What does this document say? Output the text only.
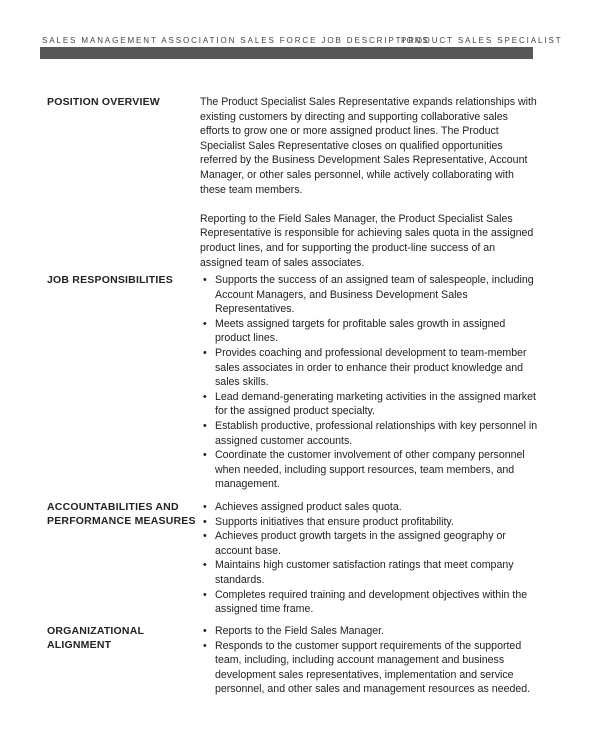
SALES MANAGEMENT ASSOCIATION SALES FORCE JOB DESCRIPTIONS
PRODUCT SALES SPECIALIST
POSITION OVERVIEW	The Product Specialist Sales Representative expands relationships with existing customers by directing and supporting collaborative sales efforts to grow one or more assigned product lines. The Product Specialist Sales Representative closes on qualified opportunities referred by the Business Development Sales Representative, Account Manager, or other sales personnel, while actively collaborating with these team members.

Reporting to the Field Sales Manager, the Product Specialist Sales Representative is responsible for achieving sales quota in the assigned product lines, and for supporting the product-line success of an assigned team of sales associates.

JOB RESPONSIBILITIES	• Supports the success of an assigned team of salespeople, including Account Managers, and Business Development Sales Representatives.
• Meets assigned targets for profitable sales growth in assigned product lines.
• Provides coaching and professional development to team-member sales associates in order to enhance their product knowledge and sales skills.
• Lead demand-generating marketing activities in the assigned market for the assigned product specialty.
• Establish productive, professional relationships with key personnel in assigned customer accounts.
• Coordinate the customer involvement of other company personnel when needed, including support resources, team members, and management.
ACCOUNTABILITIES AND PERFORMANCE MEASURES
• Achieves assigned product sales quota.
• Supports initiatives that ensure product profitability.
• Achieves product growth targets in the assigned geography or account base.
• Maintains high customer satisfaction ratings that meet company standards.
• Completes required training and development objectives within the assigned time frame.
ORGANIZATIONAL ALIGNMENT
• Reports to the Field Sales Manager.
• Responds to the customer support requirements of the supported team, including, including account management and business development sales representatives, implementation and service personnel, and other sales and management resources as needed.
